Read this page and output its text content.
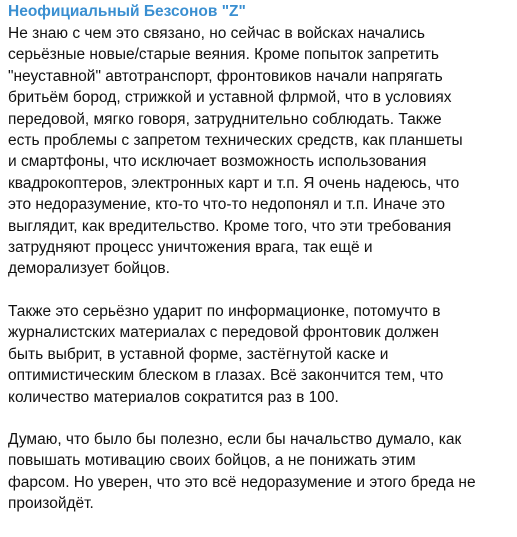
Неофициальный Безсонов "Z"
Не знаю с чем это связано, но сейчас в войсках начались
серьёзные новые/старые веяния. Кроме попыток запретить
"неуставной" автотранспорт, фронтовиков начали напрягать
бритьём бород, стрижкой и уставной флрмой, что в условиях
передовой, мягко говоря, затруднительно соблюдать. Также
есть проблемы с запретом технических средств, как планшеты
и смартфоны, что исключает возможность использования
квадрокоптеров, электронных карт и т.п. Я очень надеюсь, что
это недоразумение, кто-то что-то недопонял и т.п. Иначе это
выглядит, как вредительство. Кроме того, что эти требования
затрудняют процесс уничтожения врага, так ещё и
деморализует бойцов.
Также это серьёзно ударит по информационке, потомучто в
журналистских материалах с передовой фронтовик должен
быть выбрит, в уставной форме, застёгнутой каске и
оптимистическим блеском в глазах. Всё закончится тем, что
количество материалов сократится раз в 100.
Думаю, что было бы полезно, если бы начальство думало, как
повышать мотивацию своих бойцов, а не понижать этим
фарсом. Но уверен, что это всё недоразумение и этого бреда не
произойдёт.
